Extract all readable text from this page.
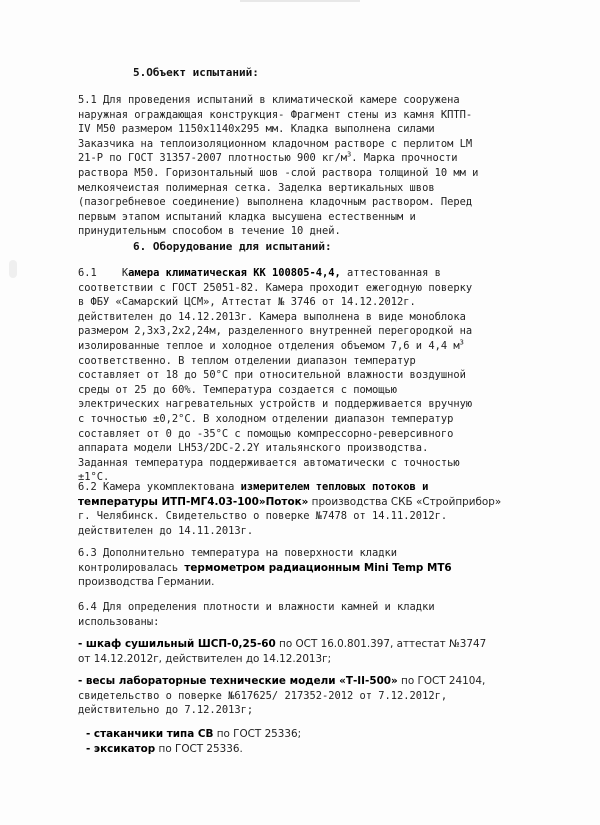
5.Объект испытаний:
5.1 Для проведения испытаний в климатической камере сооружена
наружная ограждающая конструкция- Фрагмент стены из камня КПТП-
IV М50 размером 1150х1140х295 мм. Кладка выполнена силами
Заказчика на теплоизоляционном кладочном растворе с перлитом LM
21-Р по ГОСТ 31357-2007 плотностью 900 $кг/м^3$. Марка прочности
раствора М50. Горизонтальный шов -слой раствора толщиной 10 мм и
мелкоячеистая полимерная сетка. Заделка вертикальных швов
(пазогребневое соединение) выполнена кладочным раствором. Перед
первым этапом испытаний кладка высушена естественным и
принудительным способом в течение 10 дней.
6. Оборудование для испытаний:
6.1 Камера климатическая КК 100805-4,4, аттестованная в
соответствии с ГОСТ 25051-82. Камера проходит ежегодную поверку
в ФБУ «Самарский ЦСМ», Аттестат № 3746 от 14.12.2012г.
действителен до 14.12.2013г. Камера выполнена в виде моноблока
размером 2,3х3,2х2,24м, разделенного внутренней перегородкой на
изолированные теплое и холодное отделения объемом 7,6 и 4,4 $м^3$
соответственно. В теплом отделении диапазон температур
составляет от 18 до 50°С при относительной влажности воздушной
среды от 25 до 60%. Температура создается с помощью
электрических нагревательных устройств и поддерживается вручную
с точностью ±0,2°С. В холодном отделении диапазон температур
составляет от 0 до -35°С с помощью компрессорно-реверсивного
аппарата модели LH53/2DC-2.2Y итальянского производства.
Заданная температура поддерживается автоматически с точностью
±1°С.
6.2 Камера укомплектована измерителем тепловых потоков и
температуры ИТП-МГ4.03-100»Поток» производства СКБ «Стройприбор»
г. Челябинск. Свидетельство о поверке №7478 от 14.11.2012г.
действителен до 14.11.2013г.
6.3 Дополнительно температура на поверхности кладки
контролировалась термометром радиационным Mini Temp MT6
производства Германии.
6.4 Для определения плотности и влажности камней и кладки
использованы:
- шкаф сушильный ШСП-0,25-60 по ОСТ 16.0.801.397, аттестат №3747
от 14.12.2012г, действителен до 14.12.2013г;
- весы лабораторные технические модели «Т-II-500» по ГОСТ 24104,
свидетельство о поверке №617625/ 217352-2012 от 7.12.2012г,
действительно до 7.12.2013г;
- стаканчики типа СВ по ГОСТ 25336;
- эксикатор по ГОСТ 25336.
